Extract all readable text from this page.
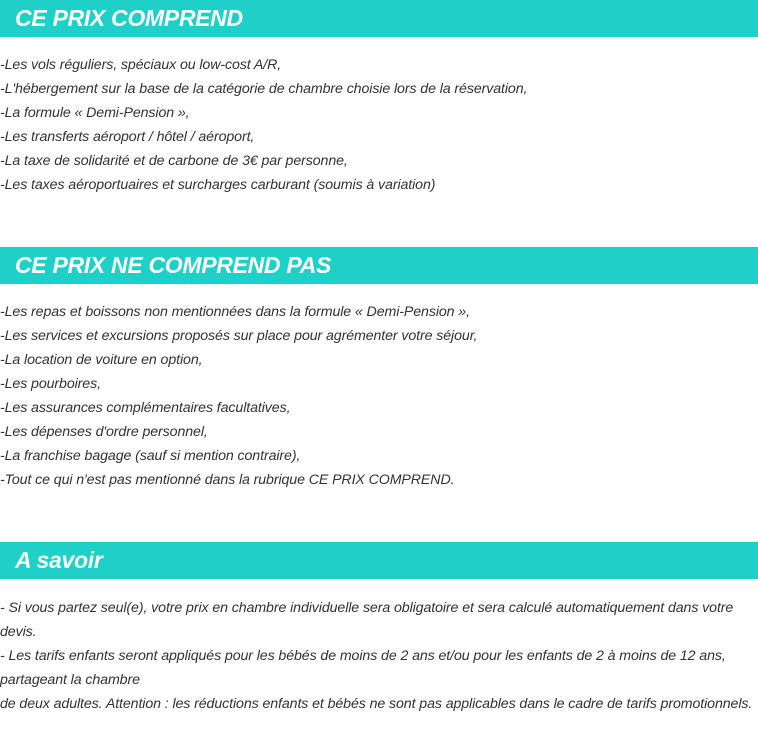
CE PRIX COMPREND
-Les vols réguliers, spéciaux ou low-cost A/R,
-L'hébergement sur la base de la catégorie de chambre choisie lors de la réservation,
-La formule « Demi-Pension »,
-Les transferts aéroport / hôtel / aéroport,
-La taxe de solidarité et de carbone de 3€ par personne,
-Les taxes aéroportuaires et surcharges carburant (soumis à variation)
CE PRIX NE COMPREND PAS
-Les repas et boissons non mentionnées dans la formule « Demi-Pension »,
-Les services et excursions proposés sur place pour agrémenter votre séjour,
-La location de voiture en option,
-Les pourboires,
-Les assurances complémentaires facultatives,
-Les dépenses d'ordre personnel,
-La franchise bagage (sauf si mention contraire),
-Tout ce qui n'est pas mentionné dans la rubrique CE PRIX COMPREND.
A savoir

- Si vous partez seul(e), votre prix en chambre individuelle sera obligatoire et sera calculé automatiquement dans votre devis.

- Les tarifs enfants seront appliqués pour les bébés de moins de 2 ans et/ou pour les enfants de 2 à moins de 12 ans, partageant la chambre

de deux adultes. Attention : les réductions enfants et bébés ne sont pas applicables dans le cadre de tarifs promotionnels.
